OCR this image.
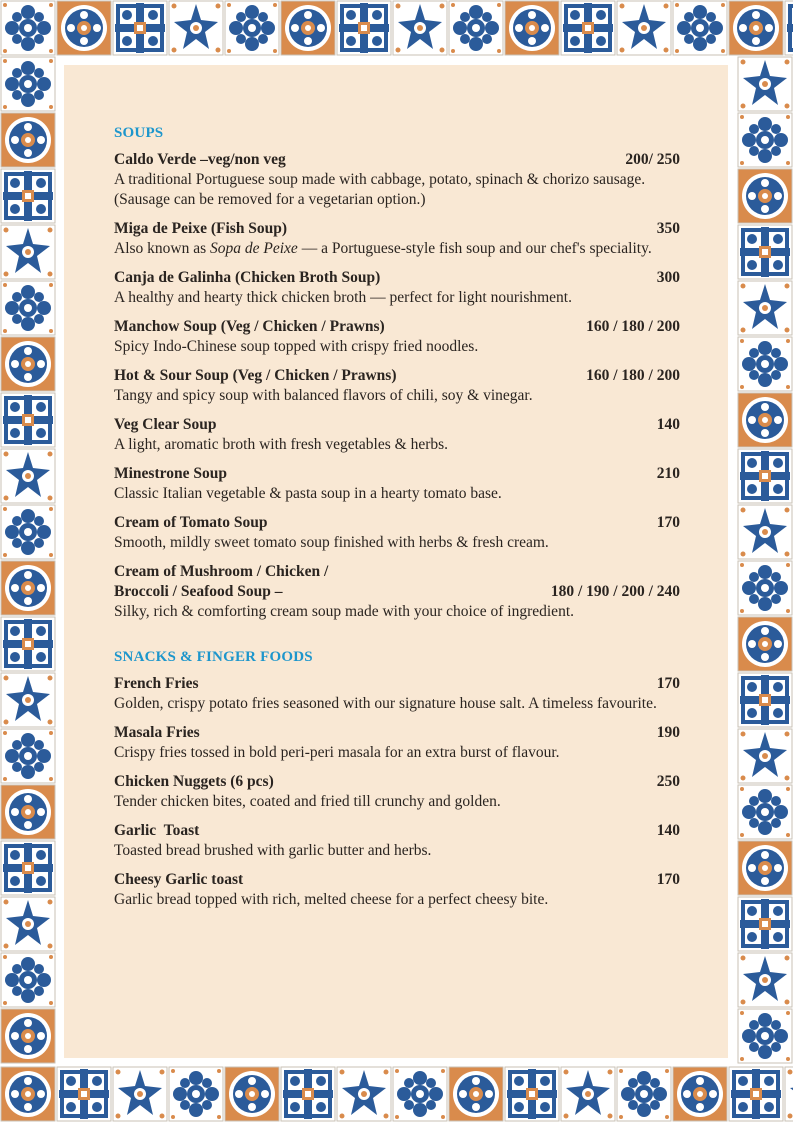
SOUPS
Caldo Verde –veg/non veg	200/ 250
A traditional Portuguese soup made with cabbage, potato, spinach & chorizo sausage. (Sausage can be removed for a vegetarian option.)
Miga de Peixe (Fish Soup)	350
Also known as Sopa de Peixe — a Portuguese-style fish soup and our chef's speciality.
Canja de Galinha (Chicken Broth Soup)	300
A healthy and hearty thick chicken broth — perfect for light nourishment.
Manchow Soup (Veg / Chicken / Prawns)	160 / 180 / 200
Spicy Indo-Chinese soup topped with crispy fried noodles.
Hot & Sour Soup (Veg / Chicken / Prawns)	160 / 180 / 200
Tangy and spicy soup with balanced flavors of chili, soy & vinegar.
Veg Clear Soup	140
A light, aromatic broth with fresh vegetables & herbs.
Minestrone Soup	210
Classic Italian vegetable & pasta soup in a hearty tomato base.
Cream of Tomato Soup	170
Smooth, mildly sweet tomato soup finished with herbs & fresh cream.
Cream of Mushroom / Chicken /
Broccoli / Seafood Soup –	180 / 190 / 200 / 240
Silky, rich & comforting cream soup made with your choice of ingredient.
SNACKS & FINGER FOODS
French Fries	170
Golden, crispy potato fries seasoned with our signature house salt. A timeless favourite.
Masala Fries	190
Crispy fries tossed in bold peri-peri masala for an extra burst of flavour.
Chicken Nuggets (6 pcs)	250
Tender chicken bites, coated and fried till crunchy and golden.
Garlic  Toast	140
Toasted bread brushed with garlic butter and herbs.
Cheesy Garlic toast	170
Garlic bread topped with rich, melted cheese for a perfect cheesy bite.
